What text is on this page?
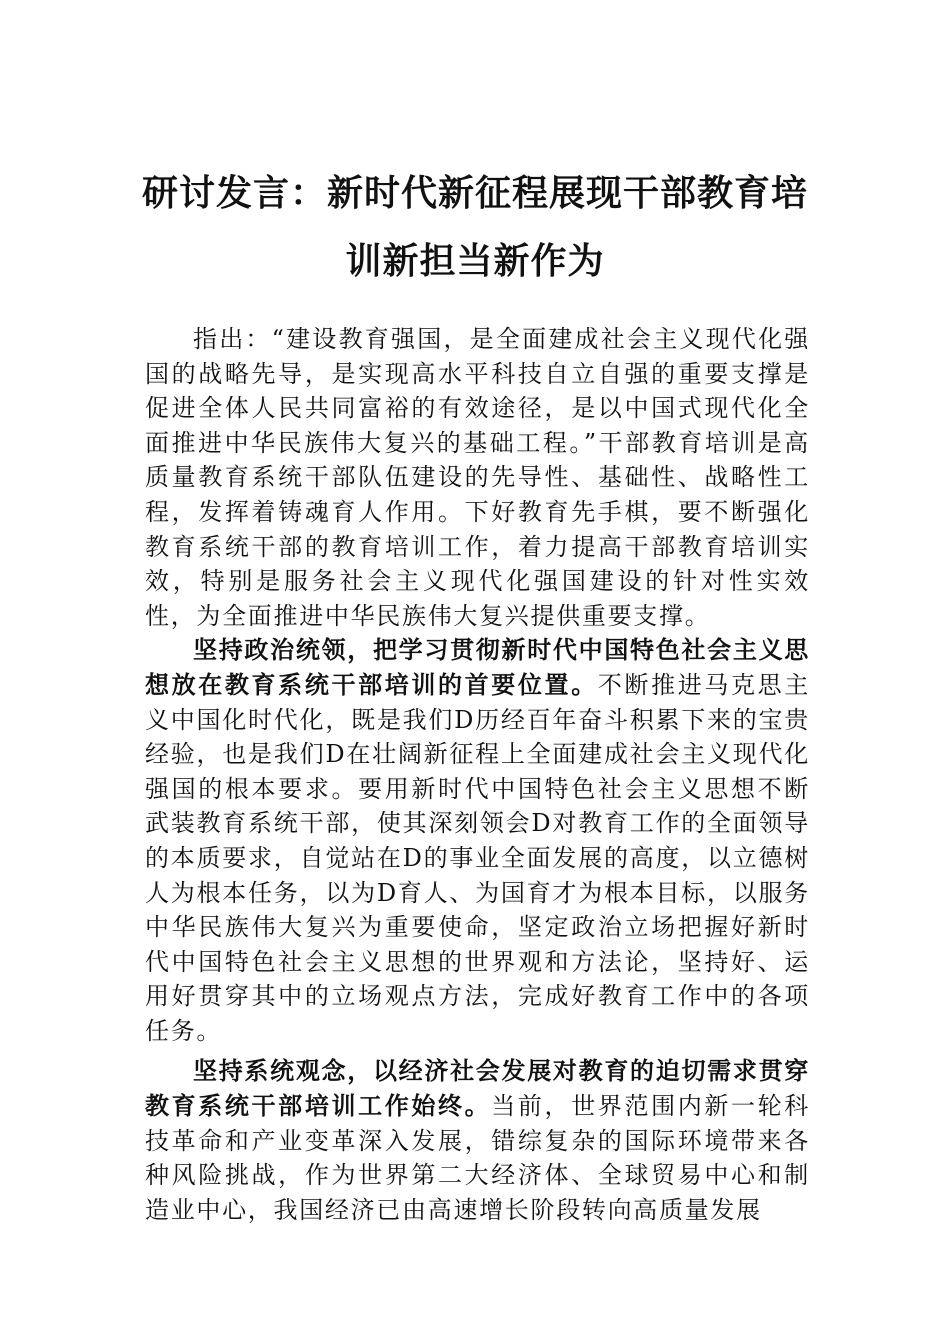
研讨发言：新时代新征程展现干部教育培
训新担当新作为

指出：“建设教育强国，是全面建成社会主义现代化强国的战略先导，是实现高水平科技自立自强的重要支撑是促进全体人民共同富裕的有效途径，是以中国式现代化全面推进中华民族伟大复兴的基础工程。”干部教育培训是高质量教育系统干部队伍建设的先导性、基础性、战略性工程，发挥着铸魂育人作用。下好教育先手棋，要不断强化教育系统干部的教育培训工作，着力提高干部教育培训实效，特别是服务社会主义现代化强国建设的针对性实效性，为全面推进中华民族伟大复兴提供重要支撑。

坚持政治统领，把学习贯彻新时代中国特色社会主义思想放在教育系统干部培训的首要位置。不断推进马克思主义中国化时代化，既是我们D历经百年奋斗积累下来的宝贵经验，也是我们D在壮阔新征程上全面建成社会主义现代化强国的根本要求。要用新时代中国特色社会主义思想不断武装教育系统干部，使其深刻领会D对教育工作的全面领导的本质要求，自觉站在D的事业全面发展的高度，以立德树人为根本任务，以为D育人、为国育才为根本目标，以服务中华民族伟大复兴为重要使命，坚定政治立场把握好新时代中国特色社会主义思想的世界观和方法论，坚持好、运用好贯穿其中的立场观点方法，完成好教育工作中的各项任务。

坚持系统观念，以经济社会发展对教育的迫切需求贯穿教育系统干部培训工作始终。当前，世界范围内新一轮科技革命和产业变革深入发展，错综复杂的国际环境带来各种风险挑战，作为世界第二大经济体、全球贸易中心和制造业中心，我国经济已由高速增长阶段转向高质量发展
